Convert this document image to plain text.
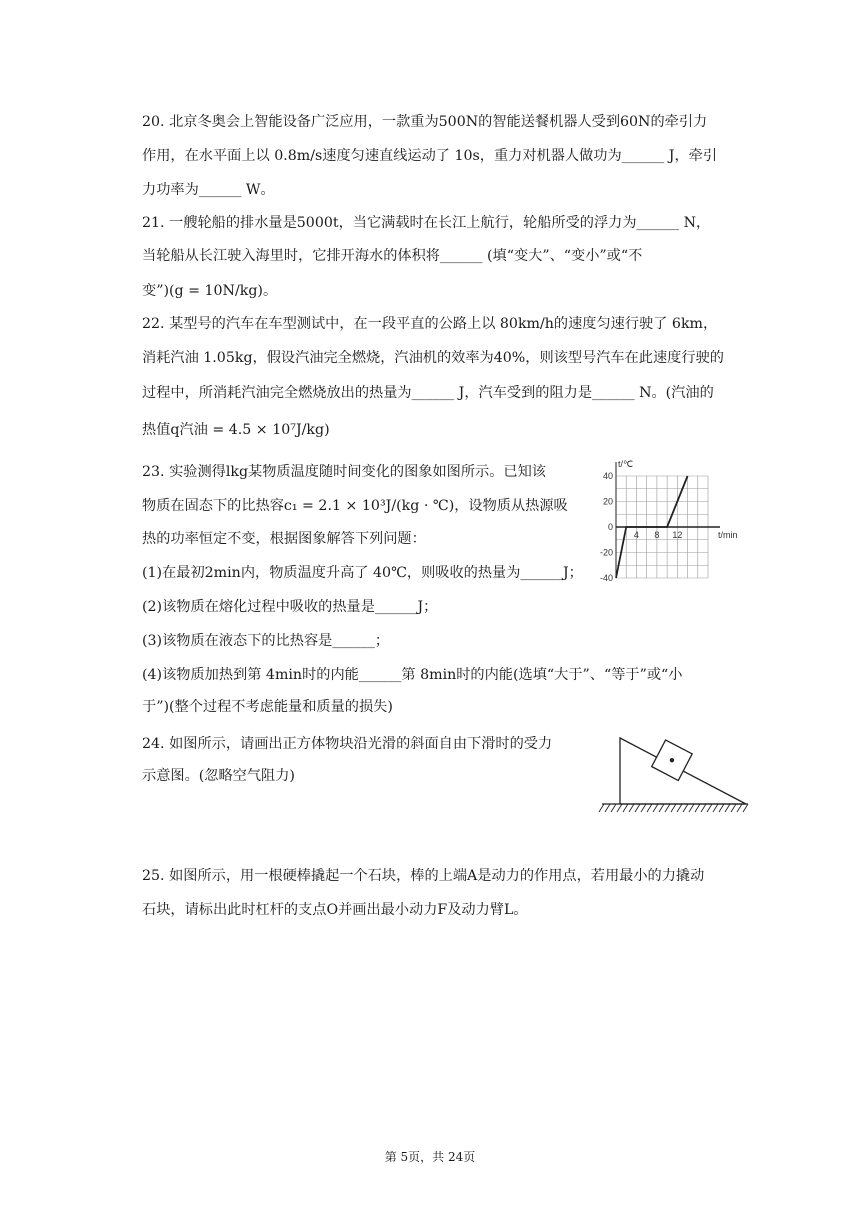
20. 北京冬奥会上智能设备广泛应用，一款重为500N的智能送餐机器人受到60N的牵引力
作用，在水平面上以 0.8m/s速度匀速直线运动了 10s，重力对机器人做功为______ J，牵引
力功率为______ W。
21. 一艘轮船的排水量是5000t，当它满载时在长江上航行，轮船所受的浮力为______ N，
当轮船从长江驶入海里时，它排开海水的体积将______ (填“变大”、“变小”或“不
变”)(g = 10N/kg)。
22. 某型号的汽车在车型测试中，在一段平直的公路上以 80km/h的速度匀速行驶了 6km，
消耗汽油 1.05kg，假设汽油完全燃烧，汽油机的效率为40%，则该型号汽车在此速度行驶的
过程中，所消耗汽油完全燃烧放出的热量为______ J，汽车受到的阻力是______ N。(汽油的
热值q汽油 = 4.5 × 10⁷J/kg)
23. 实验测得lkg某物质温度随时间变化的图象如图所示。已知该
物质在固态下的比热容c₁ = 2.1 × 10³J/(kg · ℃)，设物质从热源吸
热的功率恒定不变，根据图象解答下列问题：
(1)在最初2min内，物质温度升高了 40℃，则吸收的热量为______J；
(2)该物质在熔化过程中吸收的热量是______J；
(3)该物质在液态下的比热容是______；
(4)该物质加热到第 4min时的内能______第 8min时的内能(选填“大于”、“等于”或“小
于”)(整个过程不考虑能量和质量的损失)
40
20
0
-20
-40
4 8 12
t/℃
t/min
24. 如图所示，请画出正方体物块沿光滑的斜面自由下滑时的受力
示意图。(忽略空气阻力)
25. 如图所示，用一根硬棒撬起一个石块，棒的上端A是动力的作用点，若用最小的力撬动
石块，请标出此时杠杆的支点O并画出最小动力F及动力臂L。
第 5页，共 24页
